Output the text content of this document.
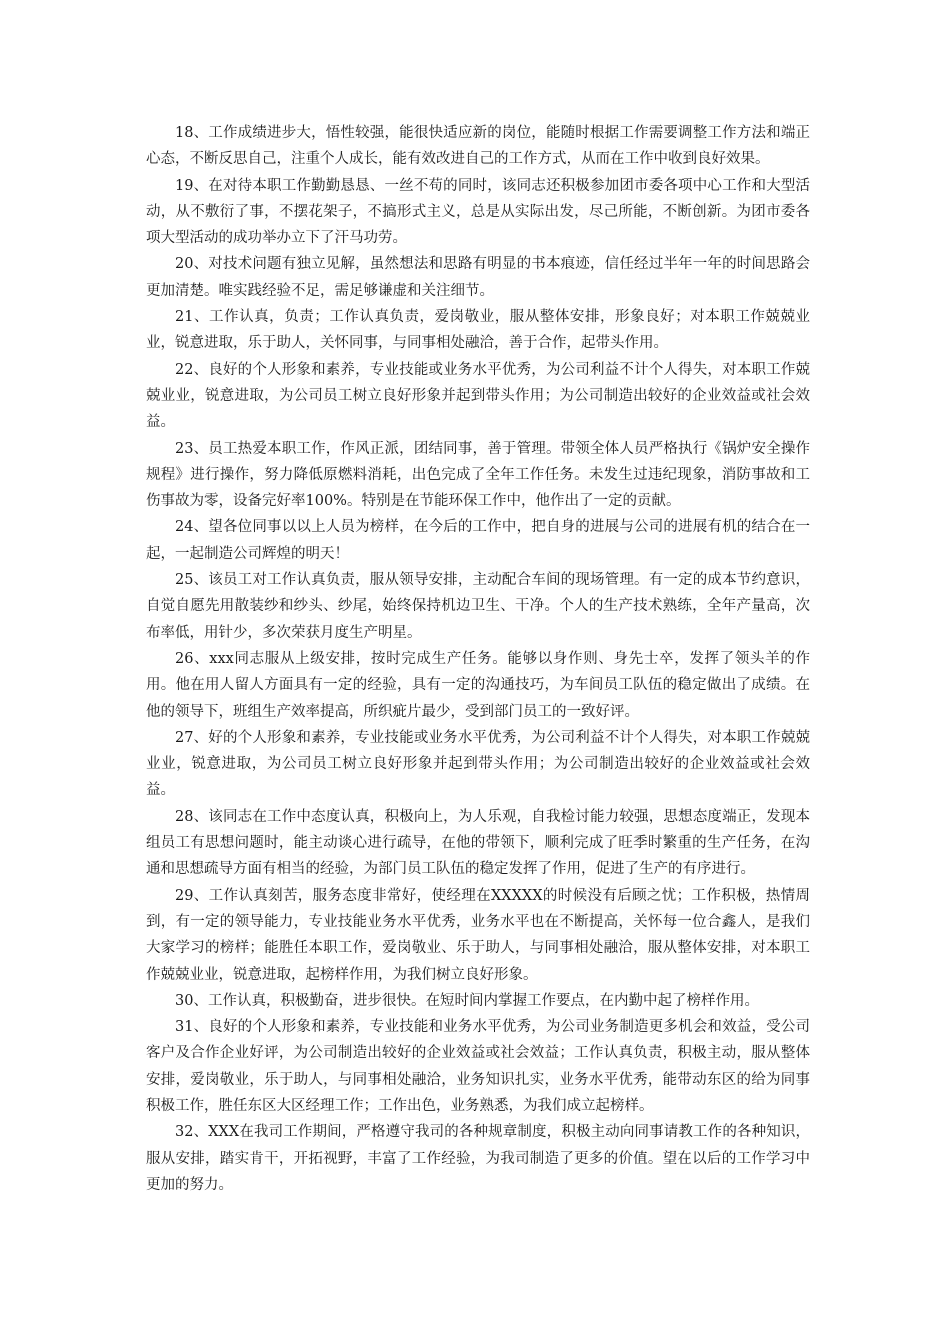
18、工作成绩进步大，悟性较强，能很快适应新的岗位，能随时根据工作需要调整工作方法和端正心态，不断反思自己，注重个人成长，能有效改进自己的工作方式，从而在工作中收到良好效果。

19、在对待本职工作勤勤恳恳、一丝不苟的同时，该同志还积极参加团市委各项中心工作和大型活动，从不敷衍了事，不摆花架子，不搞形式主义，总是从实际出发，尽己所能，不断创新。为团市委各项大型活动的成功举办立下了汗马功劳。

20、对技术问题有独立见解，虽然想法和思路有明显的书本痕迹，信任经过半年一年的时间思路会更加清楚。唯实践经验不足，需足够谦虚和关注细节。

21、工作认真，负责；工作认真负责，爱岗敬业，服从整体安排，形象良好；对本职工作兢兢业业，锐意进取，乐于助人，关怀同事，与同事相处融洽，善于合作，起带头作用。

22、良好的个人形象和素养，专业技能或业务水平优秀，为公司利益不计个人得失，对本职工作兢兢业业，锐意进取，为公司员工树立良好形象并起到带头作用；为公司制造出较好的企业效益或社会效益。

23、员工热爱本职工作，作风正派，团结同事，善于管理。带领全体人员严格执行《锅炉安全操作规程》进行操作，努力降低原燃料消耗，出色完成了全年工作任务。未发生过违纪现象，消防事故和工伤事故为零，设备完好率100%。特别是在节能环保工作中，他作出了一定的贡献。

24、望各位同事以以上人员为榜样，在今后的工作中，把自身的进展与公司的进展有机的结合在一起，一起制造公司辉煌的明天！

25、该员工对工作认真负责，服从领导安排，主动配合车间的现场管理。有一定的成本节约意识，自觉自愿先用散装纱和纱头、纱尾，始终保持机边卫生、干净。个人的生产技术熟练，全年产量高，次布率低，用针少，多次荣获月度生产明星。

26、xxx同志服从上级安排，按时完成生产任务。能够以身作则、身先士卒，发挥了领头羊的作用。他在用人留人方面具有一定的经验，具有一定的沟通技巧，为车间员工队伍的稳定做出了成绩。在他的领导下，班组生产效率提高，所织疵片最少，受到部门员工的一致好评。

27、好的个人形象和素养，专业技能或业务水平优秀，为公司利益不计个人得失，对本职工作兢兢业业，锐意进取，为公司员工树立良好形象并起到带头作用；为公司制造出较好的企业效益或社会效益。

28、该同志在工作中态度认真，积极向上，为人乐观，自我检讨能力较强，思想态度端正，发现本组员工有思想问题时，能主动谈心进行疏导，在他的带领下，顺利完成了旺季时繁重的生产任务，在沟通和思想疏导方面有相当的经验，为部门员工队伍的稳定发挥了作用，促进了生产的有序进行。

29、工作认真刻苦，服务态度非常好，使经理在XXXXX的时候没有后顾之忧；工作积极，热情周到，有一定的领导能力，专业技能业务水平优秀，业务水平也在不断提高，关怀每一位合鑫人，是我们大家学习的榜样；能胜任本职工作，爱岗敬业、乐于助人，与同事相处融洽，服从整体安排，对本职工作兢兢业业，锐意进取，起榜样作用，为我们树立良好形象。

30、工作认真，积极勤奋，进步很快。在短时间内掌握工作要点，在内勤中起了榜样作用。

31、良好的个人形象和素养，专业技能和业务水平优秀，为公司业务制造更多机会和效益，受公司客户及合作企业好评，为公司制造出较好的企业效益或社会效益；工作认真负责，积极主动，服从整体安排，爱岗敬业，乐于助人，与同事相处融洽，业务知识扎实，业务水平优秀，能带动东区的给为同事积极工作，胜任东区大区经理工作；工作出色，业务熟悉，为我们成立起榜样。

32、XXX在我司工作期间，严格遵守我司的各种规章制度，积极主动向同事请教工作的各种知识，服从安排，踏实肯干，开拓视野，丰富了工作经验，为我司制造了更多的价值。望在以后的工作学习中更加的努力。
